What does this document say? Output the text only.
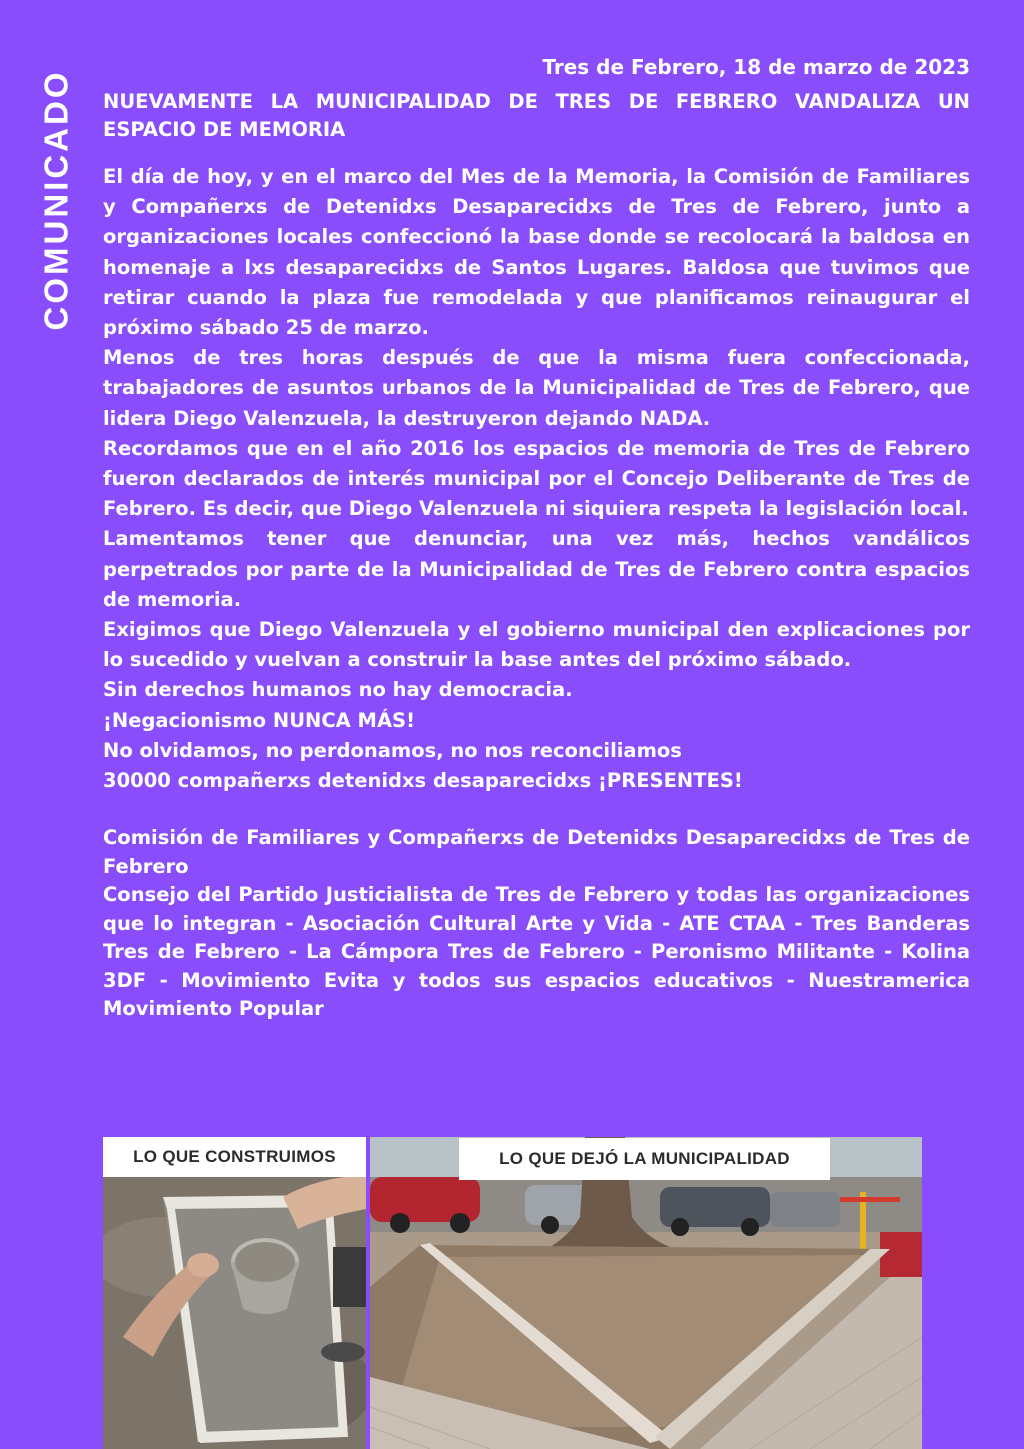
COMUNICADO
Tres de Febrero, 18 de marzo de 2023
NUEVAMENTE LA MUNICIPALIDAD DE TRES DE FEBRERO VANDALIZA UN ESPACIO DE MEMORIA

El día de hoy, y en el marco del Mes de la Memoria, la Comisión de Familiares y Compañerxs de Detenidxs Desaparecidxs de Tres de Febrero, junto a organizaciones locales confeccionó la base donde se recolocará la baldosa en homenaje a lxs desaparecidxs de Santos Lugares. Baldosa que tuvimos que retirar cuando la plaza fue remodelada y que planificamos reinaugurar el próximo sábado 25 de marzo.

Menos de tres horas después de que la misma fuera confeccionada, trabajadores de asuntos urbanos de la Municipalidad de Tres de Febrero, que lidera Diego Valenzuela, la destruyeron dejando NADA.

Recordamos que en el año 2016 los espacios de memoria de Tres de Febrero fueron declarados de interés municipal por el Concejo Deliberante de Tres de Febrero. Es decir, que Diego Valenzuela ni siquiera respeta la legislación local.

Lamentamos tener que denunciar, una vez más, hechos vandálicos perpetrados por parte de la Municipalidad de Tres de Febrero contra espacios de memoria.

Exigimos que Diego Valenzuela y el gobierno municipal den explicaciones por lo sucedido y vuelvan a construir la base antes del próximo sábado.

Sin derechos humanos no hay democracia.

¡Negacionismo NUNCA MÁS!

No olvidamos, no perdonamos, no nos reconciliamos

30000 compañerxs detenidxs desaparecidxs ¡PRESENTES!

Comisión de Familiares y Compañerxs de Detenidxs Desaparecidxs de Tres de Febrero

Consejo del Partido Justicialista de Tres de Febrero y todas las organizaciones que lo integran - Asociación Cultural Arte y Vida - ATE CTAA - Tres Banderas Tres de Febrero - La Cámpora Tres de Febrero - Peronismo Militante - Kolina 3DF - Movimiento Evita y todos sus espacios educativos - Nuestramerica Movimiento Popular

LO QUE CONSTRUIMOS	LO QUE DEJÓ LA MUNICIPALIDAD
